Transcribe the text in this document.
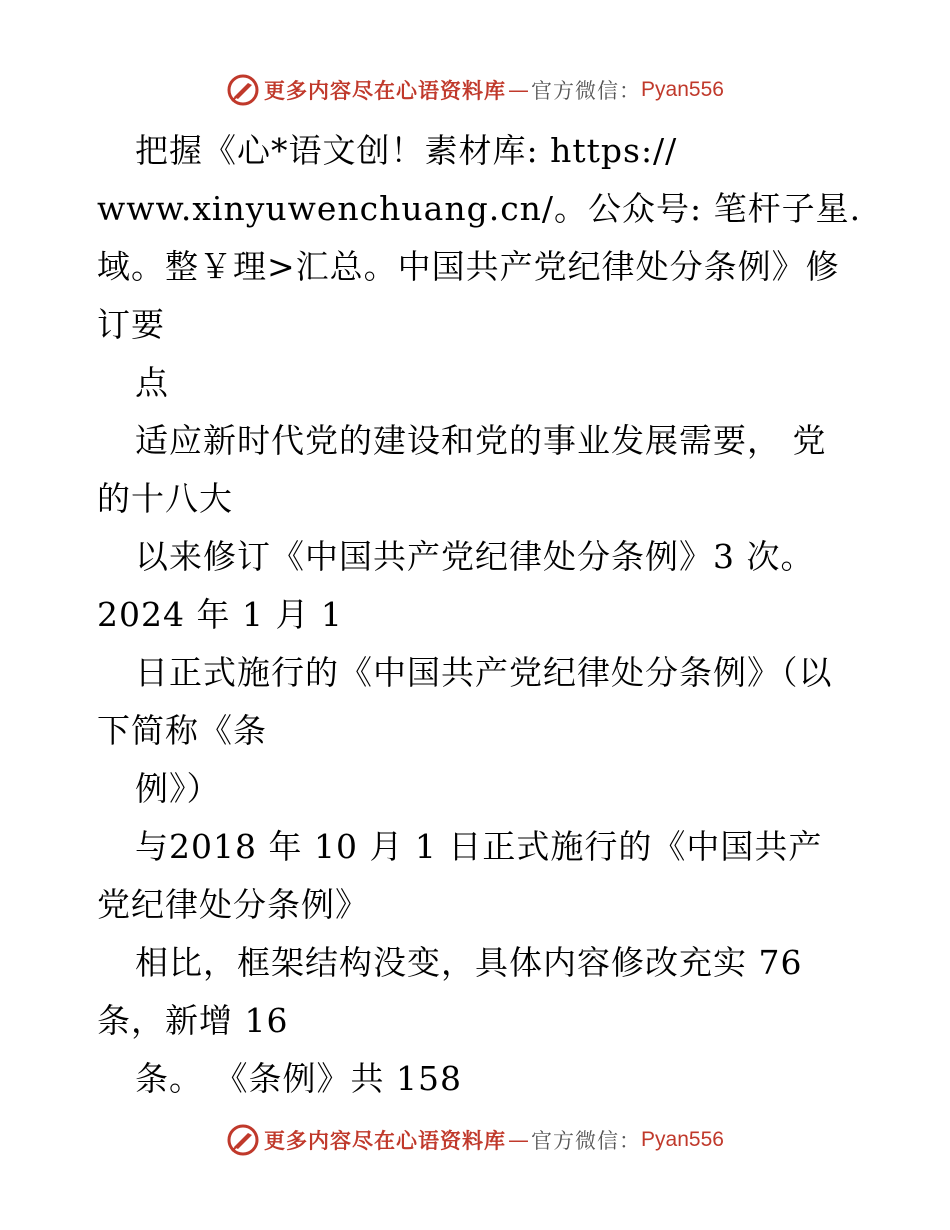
更多内容尽在心语资料库 — 官方微信： Pyan556
把握《心*语文创！素材库: https://
www.xinyuwenchuang.cn/。公众号: 笔杆子星.
域。整￥理>汇总。中国共产党纪律处分条例》修
订要
点
适应新时代党的建设和党的事业发展需要， 党
的十八大
以来修订《中国共产党纪律处分条例》3 次。
2024 年 1 月 1
日正式施行的《中国共产党纪律处分条例》（以
下简称《条
例》）
与2018 年 10 月 1 日正式施行的《中国共产
党纪律处分条例》
相比，框架结构没变，具体内容修改充实 76
条，新增 16
条。 《条例》共 158
更多内容尽在心语资料库 — 官方微信： Pyan556
